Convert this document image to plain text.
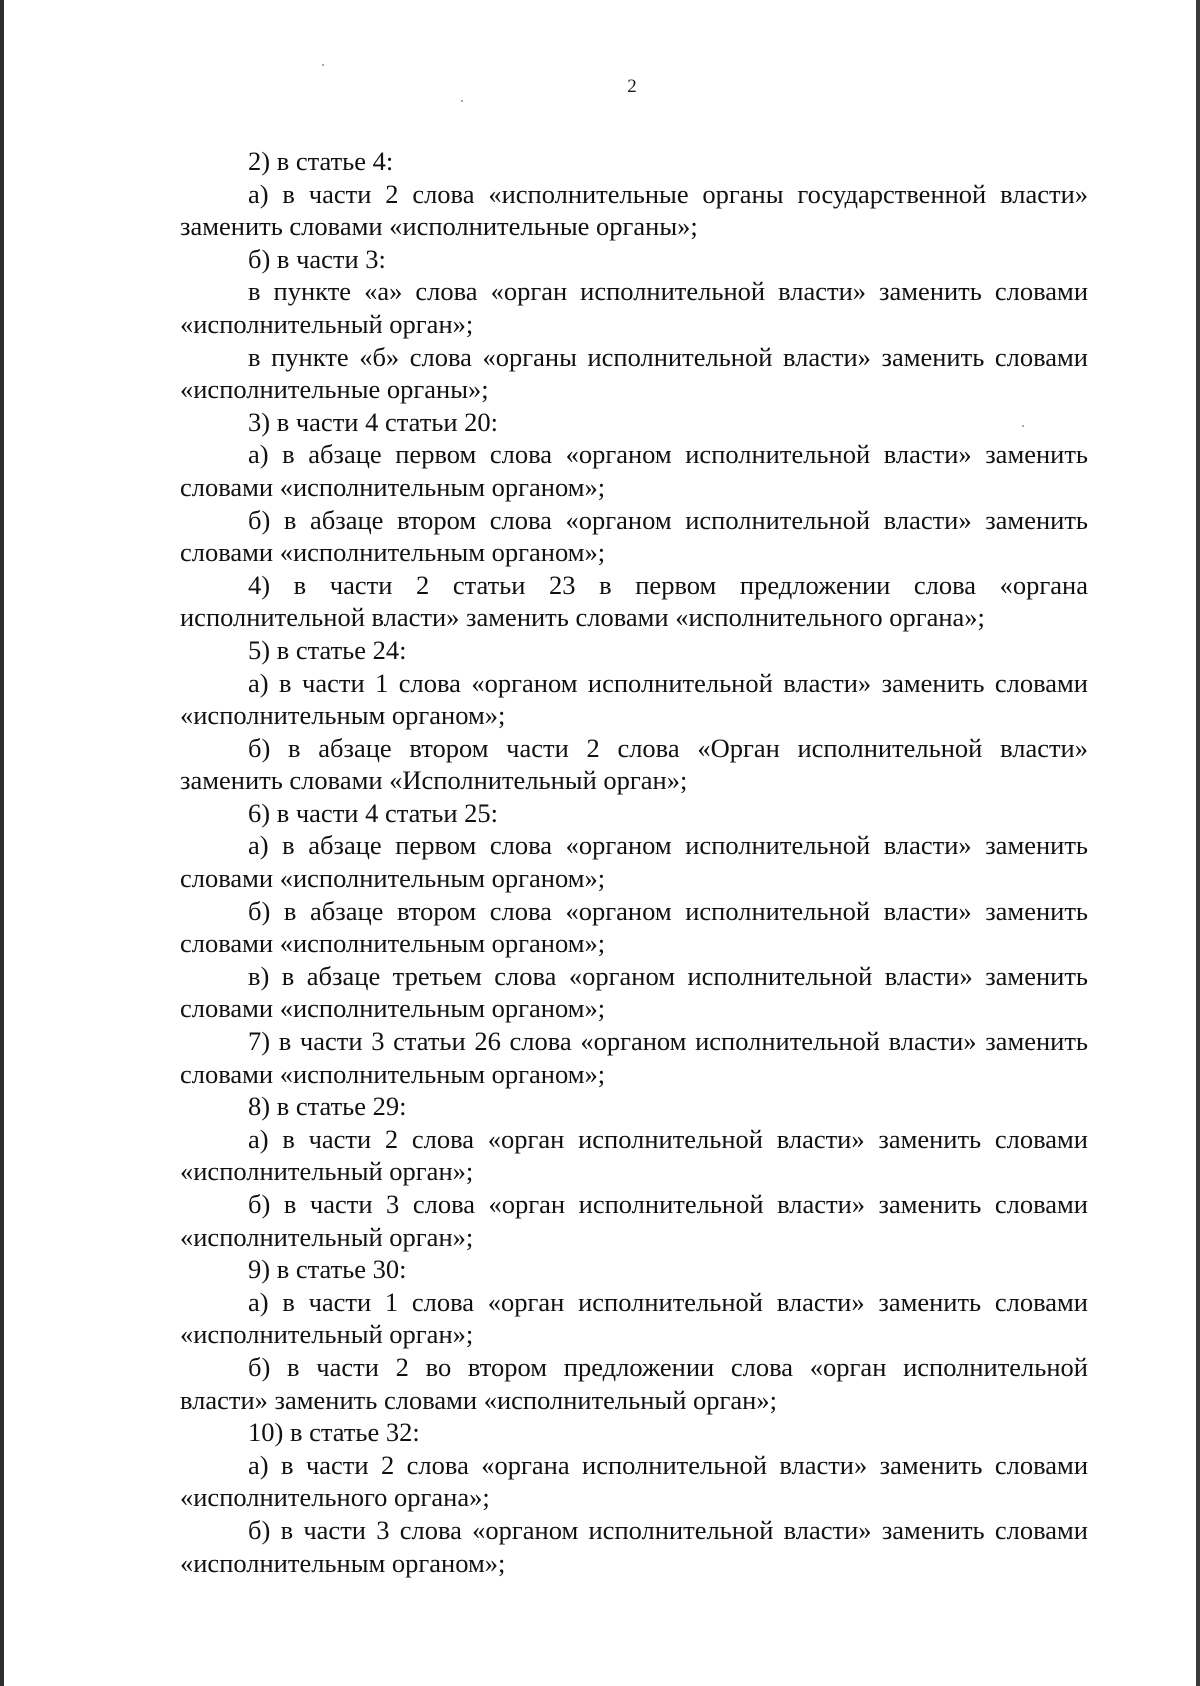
2

2) в статье 4:

а) в части 2 слова «исполнительные органы государственной власти» заменить словами «исполнительные органы»;

б) в части 3:

в пункте «а» слова «орган исполнительной власти» заменить словами «исполнительный орган»;

в пункте «б» слова «органы исполнительной власти» заменить словами «исполнительные органы»;

3) в части 4 статьи 20:

а) в абзаце первом слова «органом исполнительной власти» заменить словами «исполнительным органом»;

б) в абзаце втором слова «органом исполнительной власти» заменить словами «исполнительным органом»;

4) в части 2 статьи 23 в первом предложении слова «органа исполнительной власти» заменить словами «исполнительного органа»;

5) в статье 24:

а) в части 1 слова «органом исполнительной власти» заменить словами «исполнительным органом»;

б) в абзаце втором части 2 слова «Орган исполнительной власти» заменить словами «Исполнительный орган»;

6) в части 4 статьи 25:

а) в абзаце первом слова «органом исполнительной власти» заменить словами «исполнительным органом»;

б) в абзаце втором слова «органом исполнительной власти» заменить словами «исполнительным органом»;

в) в абзаце третьем слова «органом исполнительной власти» заменить словами «исполнительным органом»;

7) в части 3 статьи 26 слова «органом исполнительной власти» заменить словами «исполнительным органом»;

8) в статье 29:

а) в части 2 слова «орган исполнительной власти» заменить словами «исполнительный орган»;

б) в части 3 слова «орган исполнительной власти» заменить словами «исполнительный орган»;

9) в статье 30:

а) в части 1 слова «орган исполнительной власти» заменить словами «исполнительный орган»;

б) в части 2 во втором предложении слова «орган исполнительной власти» заменить словами «исполнительный орган»;

10) в статье 32:

а) в части 2 слова «органа исполнительной власти» заменить словами «исполнительного органа»;

б) в части 3 слова «органом исполнительной власти» заменить словами «исполнительным органом»;
